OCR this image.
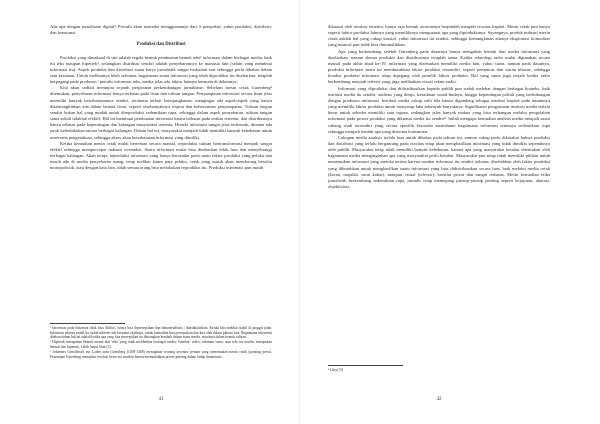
Ada apa dengan jurnalisme digital? Persulit akan menarba menggunaanya dari 3 perspektif, yakni produksi, distribusi, dan konsumsi.

Produksi dan Distribusi

Produksi yang dimaksud di sini adalah segala bentuk pembuatan bentuk teks¹ informasi dalam berbagai media, baik itu teks maupun hipertek², sedangkan distribusi sendiri adalah penyebarannya ke manusia lain (selain yang membuat informasi itu). Aspek produksi dan distribusi suatu karya jurnalistik sangat berkaitan erat sehingga perlu dibahas dalam satu kesatuan. Untuk melihatnya lebih seksama, bagaimana suatu informasi yang telah diproduksi itu disebarkan, tetaplah berpegang pada produsen / penulis informasi teks, media jelas ada faktor lainnya bermain di dalamnya.

Kita akan sedikit meninjau sejarah perjalanan perkembangan jurnalisme. Sebelum mesin cetak Gutenberg³ ditemukan, penyebaran informasi hanya terbatas pada lisan dan tulisan tangan. Penyampaian informasi secara lisan jelas memiliki banyak keterbatasannya sendiri, terutama terkait keterjangkauan, mengingat ada aspek-aspek yang hanya dikemungkinkan ada dalam bentuk lisan, seperti sesebanyaknya respon dan kebersatuan penyampaian. Tulisan tangan sendiri bukan hal yang mudah untuk direproduksi sedemikian rupa, sehingga dalam aspek penyebaran, tulisan tangan sama sekali tidaklah efektif. Hal ini membuat pembuatan informasi hanya terbatas pada entitas tertentu, dan distribusinya hanya sebatas pada kepentingan dan kalangan masyarakat tertentu. Hirarki informasi sangat jelas terbentuk, dimana ada jarak keberlakukan antara berbagai kalangan. Dalam hal ini, masyarakat menjadi tidak memiliki banyak kebebasan untuk mencerna pengetahuan, sehingga akses akan keterbatasan informasi yang dimiliki.

Ketika kemudian mesin cetak mulai berteman secara massal, reproduksi tulisan bertransformasi menjadi sangat efektif sehingga mempercepat industri tersendiri. Suatu informasi mulai bisa disebarkan lebih luas dan menyebrangi berbagai kalangan. Akan tetapi, reproduksi informasi yang hanya bersandar pada suatu faktor produksi yang pelaku dan masih ada di media penyebaran ruang, tetap melihat kaum para pelaku, cetak yang masih akan mendorong bersifat monopolistik, atau dengan kata lain, tidak semua orang bisa melakukan reproduksi itu. Produksi informasi pun masih

¹ Informasi pada dasarnya tidak bisa 'dilihat', hanya bisa dipersepsikan dan dimaterialisasi / diartikulasikan. Ketika kita melihat mobil di pinggir jalan. Informasi adanya mobil itu sudah inheren ada bersama objeknya, untuk kemudian kita persepsikan dan kita olah dalam pikiran kita. Bagaimana informasi ditekan dalam hal ini adalah ketika apa yang kita persepsikan itu dituangkan kembali dalam suatu media, misalnya dalam bentuk tulisan.

² Hipertek merupakan bentuk umum dari 'teks' yang tidak melibatkan berbagai media: Gambar, video, rekaman suara, atau teks ini sendiri, merupakan bentuk dari hipertek. Lebih lanjut lihat [2].

³ Johannes Gensfleisch zur Laden zum Gutenberg (1400-1468) merupakan seorang inventor jerman yang menemukan mesin cetak (printing press). Penemuan Gutenberg menandai revolusi besar era modern karena memudahkan proses penting dalam hidup dinamisasi.

41

dikuasai oleh otoritas tertentu, hanya saja bentuk otoritasnya berpindah menjadi otoritas kapital. Mesin cetak pun hanya seperti faktor produksi lainnya yang memilikinya mengusasai apa yang diproduksinya. Sayangnya, produk industri mesin cetak adalah hal yang cukup krusial, yakni informasi itu sendiri, sehingga kemungkinan adanya eksploitasi komoditas yang muncul pun tidak bisa dimunafikkan.

Apa yang berkembang setelah Gutenberg pada dasarnya hanya mengubah bentuk dari media informasi yang disebarkan, namun skema produksi dan distribusinya tetaplah sama. Ketika teknologi radio mulai digunakan secara massal pada akhir abad ke-19, informasi yang disebarkan memiliki media lain, yakni suara, namun pada dasarnya, produksi informasi suara ini membutuhkan faktor produksi tersendiri, seperti pemancar dan siaran khusus, sehingga kondisi produksi informasi tetap dipegang oleh pemilik faktor produksi. Hal yang sama juga terjadi ketika radio berkembang menjadi televisi yang juga melibatkan visual selain audio.

Informasi yang diproduksi dan didistribusikan kepada publik pun sudah melebar dengan berbagai konteks, baik institusi media itu sendiri, audiens yang dituju, kesadaran sosial-budaya, hingga kepentingan politik yang berhubungan dengan produsen informasi. Institusi media cukup sulit bila hanya digandeng sebagai institusi kapital pada umumnya yang memiliki faktor produksi untuk menyerap laba sebanyak-banyaknya. Signifikansi penguasaan institusi media terlalu besar untuk sekedar memiliki satu tujuan, sedangkan jelas banyak makna yang bisa terbangun melalui pengolahan informasi pada proses produksi yang dikuasai media itu sendiri⁴. Inilah mengapa kemudian analisis media menjadi suatu cabang studi tersendiri yang secara spesifik berusaha memahami bagaimana informasi tentunya sedemikian rupa sehingga menjadi bentuk apa yang diterima konsumen.

Cakupan media analisis terlalu luas untuk dibahas pada tulisan ini, namun cukup perlu diketahui bahwa produksi dan distribusi yang terlalu bergantung pada otoritas tetap akan menghasilkan informasi yang tidak dimiliki sepenuhnya oleh publik. Masyarakat tetap tidak memiliki banyak kebebasan, karena apa yang masyarakat ketahui ditentukan oleh bagaimana media menginginkan apa yang masyarakat perlu ketahui. Masyarakat pun tetap tidak memiliki pilihan untuk menentukan informasi yang mereka terima karena sumber informasi itu sendiri terbatas, disebabkan oleh faktor produksi yang dibutuhkan untuk menghasilkan suatu informasi yang bisa didistribusikan secara luas, baik melalui media cetak (koran, majalah, surat kabar), maupun visual (televisi), bersifat privat dan sangat terbatas. Meski kemudian etika jurnalistik berkembang sedemikian rupa, jurnalis tetap memegang prinsip-prinsip penting seperti kejujuran, akurasi, objektivitas,

⁴ Lihat [3]

42
